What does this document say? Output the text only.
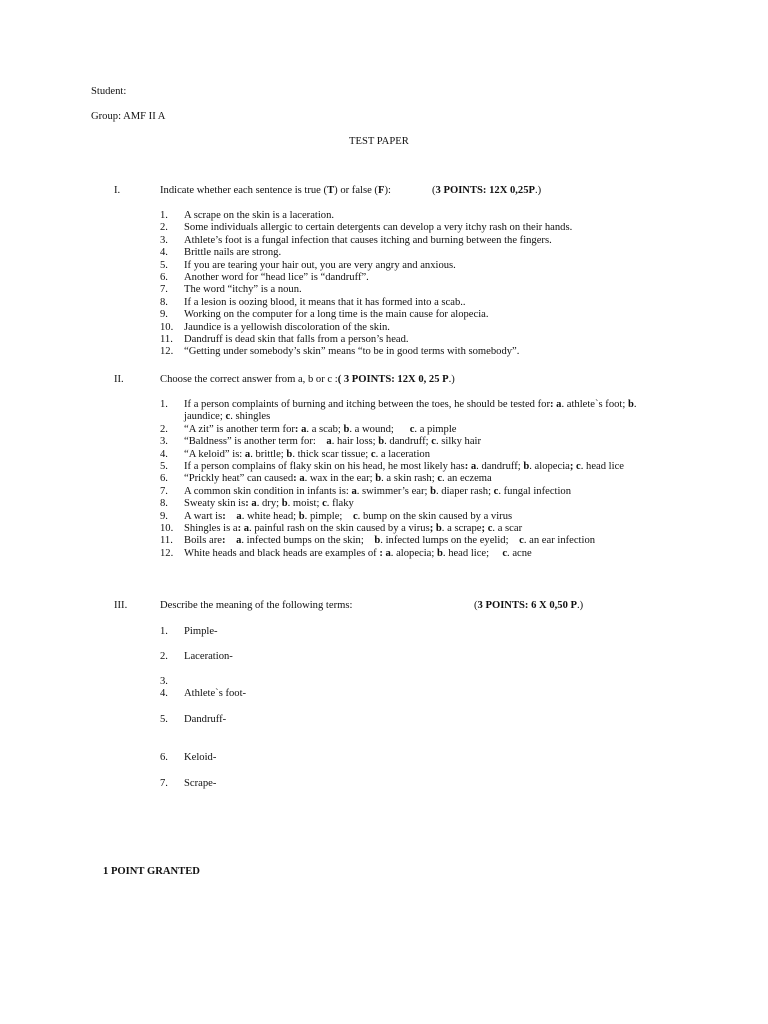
Student:
Group: AMF II A
TEST PAPER
I.	Indicate whether each sentence is true (T) or false (F):	(3 POINTS: 12X 0,25P.)
1. A scrape on the skin is a laceration.
2. Some individuals allergic to certain detergents can develop a very itchy rash on their hands.
3. Athlete’s foot is a fungal infection that causes itching and burning between the fingers.
4. Brittle nails are strong.
5. If you are tearing your hair out, you are very angry and anxious.
6. Another word for “head lice” is “dandruff”.
7. The word “itchy” is a noun.
8. If a lesion is oozing blood, it means that it has formed into a scab..
9. Working on the computer for a long time is the main cause for alopecia.
10. Jaundice is a yellowish discoloration of the skin.
11. Dandruff is dead skin that falls from a person’s head.
12. “Getting under somebody’s skin” means “to be in good terms with somebody”.
II.	Choose the correct answer from a, b or c :( 3 POINTS: 12X 0, 25 P.)
1. If a person complaints of burning and itching between the toes, he should be tested for: a. athlete`s foot; b. jaundice; c. shingles
2. “A zit” is another term for: a. a scab; b. a wound;      c. a pimple
3. “Baldness” is another term for:    a. hair loss; b. dandruff; c. silky hair
4. “A keloid” is: a. brittle; b. thick scar tissue; c. a laceration
5. If a person complains of flaky skin on his head, he most likely has: a. dandruff; b. alopecia; c. head lice
6. “Prickly heat” can caused: a. wax in the ear; b. a skin rash; c. an eczema
7. A common skin condition in infants is: a. swimmer’s ear; b. diaper rash; c. fungal infection
8. Sweaty skin is: a. dry; b. moist; c. flaky
9. A wart is: a. white head; b. pimple;    c. bump on the skin caused by a virus
10. Shingles is a: a. painful rash on the skin caused by a virus; b. a scrape; c. a scar
11. Boils are: a. infected bumps on the skin;    b. infected lumps on the eyelid;    c. an ear infection
12. White heads and black heads are examples of : a. alopecia; b. head lice;     c. acne
III.	Describe the meaning of the following terms:	(3 POINTS: 6 X 0,50 P.)
1. Pimple-
2. Laceration-
3.
4. Athlete`s foot-
5. Dandruff-
6. Keloid-
7. Scrape-
1 POINT GRANTED
